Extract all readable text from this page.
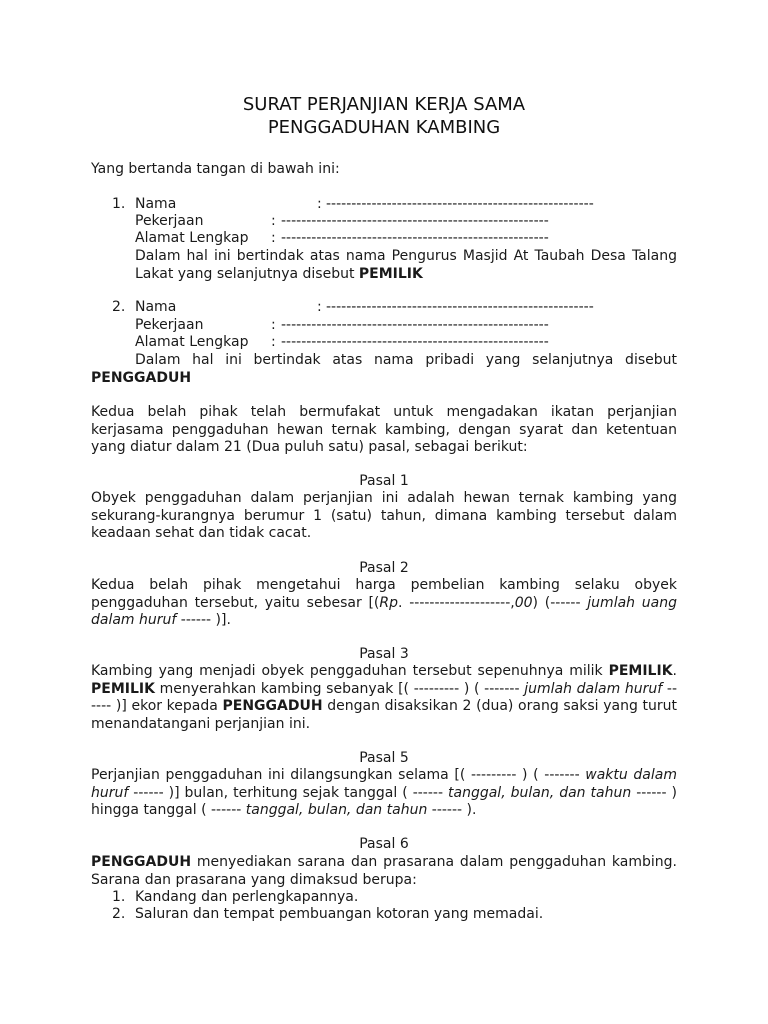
SURAT PERJANJIAN KERJA SAMA
PENGGADUHAN KAMBING
Yang bertanda tangan di bawah ini:
1. Nama	: -----------------------------------------------------
Pekerjaan	: -----------------------------------------------------
Alamat Lengkap : -----------------------------------------------------
Dalam hal ini bertindak atas nama Pengurus Masjid At Taubah Desa Talang
Lakat yang selanjutnya disebut PEMILIK
2. Nama	: -----------------------------------------------------
Pekerjaan	: -----------------------------------------------------
Alamat Lengkap : -----------------------------------------------------
Dalam hal ini bertindak atas nama pribadi yang selanjutnya disebut
PENGGADUH
Kedua belah pihak telah bermufakat untuk mengadakan ikatan perjanjian kerjasama penggaduhan hewan ternak kambing, dengan syarat dan ketentuan yang diatur dalam 21 (Dua puluh satu) pasal, sebagai berikut:
Pasal 1
Obyek penggaduhan dalam perjanjian ini adalah hewan ternak kambing yang sekurang-kurangnya berumur 1 (satu) tahun, dimana kambing tersebut dalam keadaan sehat dan tidak cacat.
Pasal 2
Kedua belah pihak mengetahui harga pembelian kambing selaku obyek penggaduhan tersebut, yaitu sebesar [(Rp. --------------------,00) (------ jumlah uang dalam huruf ------ )].
Pasal 3
Kambing yang menjadi obyek penggaduhan tersebut sepenuhnya milik PEMILIK. PEMILIK menyerahkan kambing sebanyak [( --------- ) ( ------- jumlah dalam huruf ------ )] ekor kepada PENGGADUH dengan disaksikan 2 (dua) orang saksi yang turut menandatangani perjanjian ini.
Pasal 5
Perjanjian penggaduhan ini dilangsungkan selama [( --------- ) ( ------- waktu dalam huruf ------ )] bulan, terhitung sejak tanggal ( ------ tanggal, bulan, dan tahun ------ ) hingga tanggal ( ------ tanggal, bulan, dan tahun ------ ).
Pasal 6
PENGGADUH menyediakan sarana dan prasarana dalam penggaduhan kambing. Sarana dan prasarana yang dimaksud berupa:
1. Kandang dan perlengkapannya.
2. Saluran dan tempat pembuangan kotoran yang memadai.
